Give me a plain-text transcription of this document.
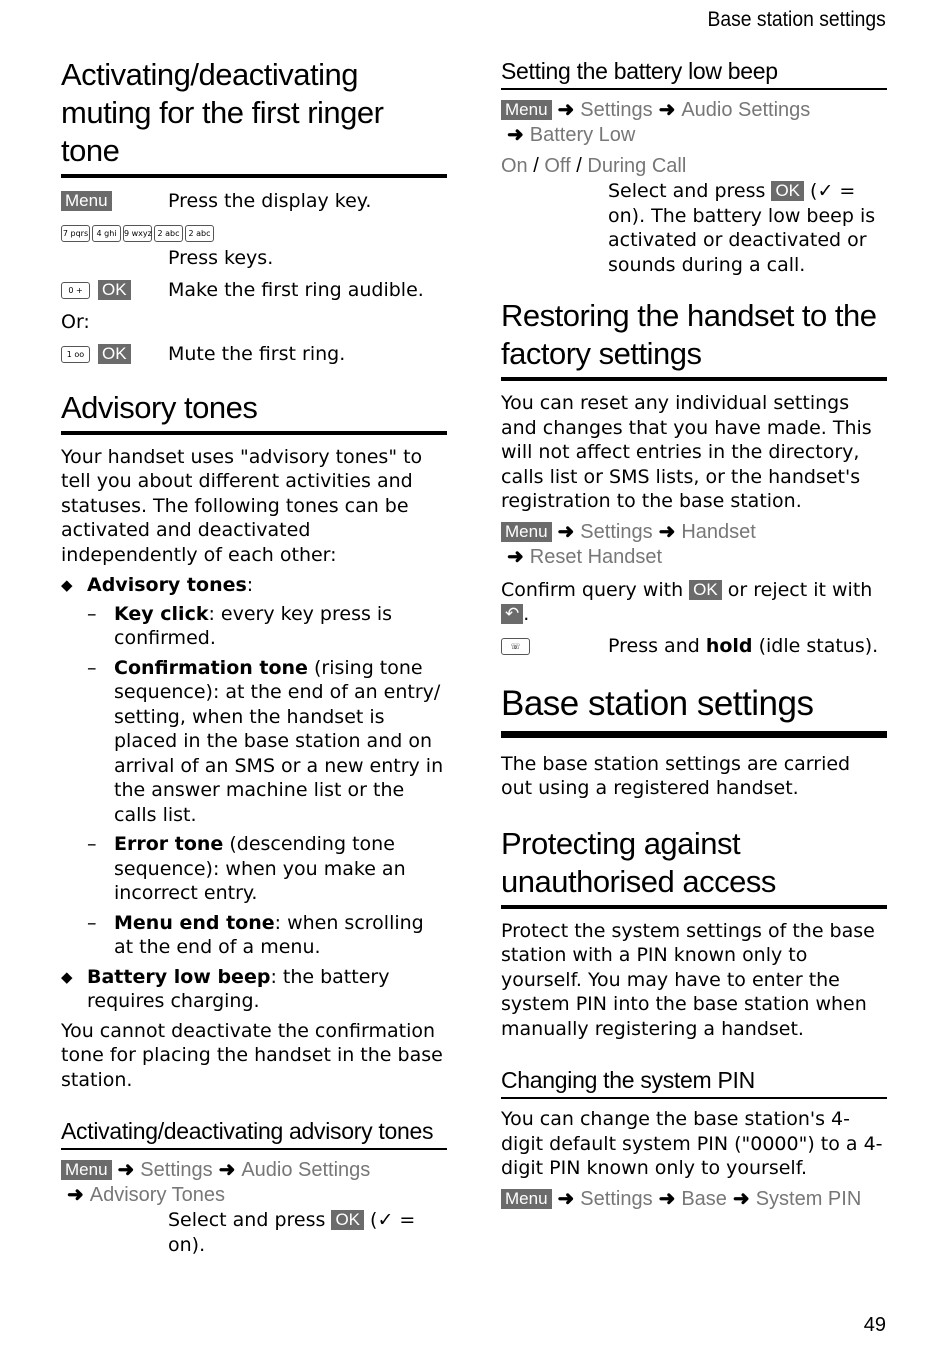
Base station settings
Activating/deactivating muting for the first ringer tone
Menu	Press the display key.
7 pqrs 4 ghi 9 wxyz 2 abc 2 abc
Press keys.
0 + OK	Make the first ring audible.
Or:
1 oo OK	Mute the first ring.
Advisory tones

Your handset uses "advisory tones" to tell you about different activities and statuses. The following tones can be activated and deactivated independently of each other:

◆ Advisory tones:
– Key click: every key press is confirmed.
– Confirmation tone (rising tone sequence): at the end of an entry/ setting, when the handset is placed in the base station and on arrival of an SMS or a new entry in the answer machine list or the calls list.
– Error tone (descending tone sequence): when you make an incorrect entry.
– Menu end tone: when scrolling at the end of a menu.
◆ Battery low beep: the battery requires charging.

You cannot deactivate the confirmation tone for placing the handset in the base station.

Activating/deactivating advisory tones
Menu ➜ Settings ➜ Audio Settings
➜ Advisory Tones
Select and press OK (✓ = on).
Setting the battery low beep
Menu ➜ Settings ➜ Audio Settings
➜ Battery Low
On / Off / During Call
Select and press OK (✓ = on). The battery low beep is activated or deactivated or sounds during a call.
Restoring the handset to the factory settings

You can reset any individual settings and changes that you have made. This will not affect entries in the directory, calls list or SMS lists, or the handset's registration to the base station.

Menu ➜ Settings ➜ Handset
➜ Reset Handset

Confirm query with OK or reject it with
↶ .

☏	Press and hold (idle status).
Base station settings

The base station settings are carried out using a registered handset.

Protecting against unauthorised access

Protect the system settings of the base station with a PIN known only to yourself. You may have to enter the system PIN into the base station when manually registering a handset.

Changing the system PIN

You can change the base station's 4-digit default system PIN ("0000") to a 4-digit PIN known only to yourself.

Menu ➜ Settings ➜ Base ➜ System PIN
49
